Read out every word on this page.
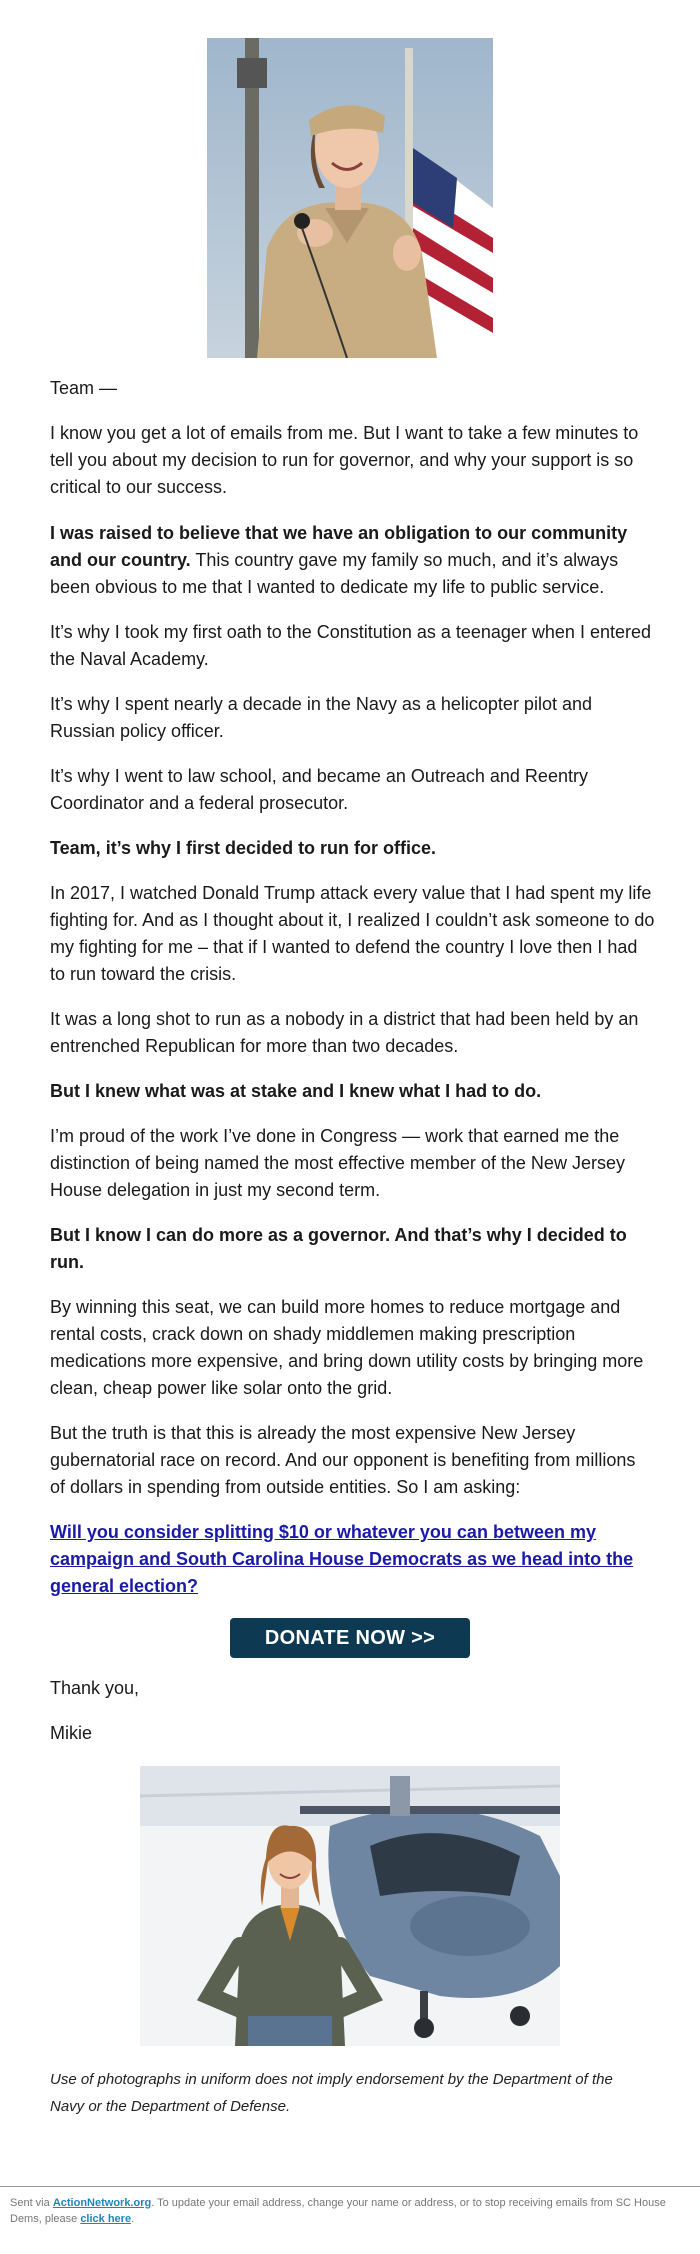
Team —

I know you get a lot of emails from me. But I want to take a few minutes to tell you about my decision to run for governor, and why your support is so critical to our success.

I was raised to believe that we have an obligation to our community and our country. This country gave my family so much, and it’s always been obvious to me that I wanted to dedicate my life to public service.

It’s why I took my first oath to the Constitution as a teenager when I entered the Naval Academy.

It’s why I spent nearly a decade in the Navy as a helicopter pilot and Russian policy officer.

It’s why I went to law school, and became an Outreach and Reentry Coordinator and a federal prosecutor.

Team, it’s why I first decided to run for office.

In 2017, I watched Donald Trump attack every value that I had spent my life fighting for. And as I thought about it, I realized I couldn’t ask someone to do my fighting for me – that if I wanted to defend the country I love then I had to run toward the crisis.

It was a long shot to run as a nobody in a district that had been held by an entrenched Republican for more than two decades.

But I knew what was at stake and I knew what I had to do.

I’m proud of the work I’ve done in Congress — work that earned me the distinction of being named the most effective member of the New Jersey House delegation in just my second term.

But I know I can do more as a governor. And that’s why I decided to run.

By winning this seat, we can build more homes to reduce mortgage and rental costs, crack down on shady middlemen making prescription medications more expensive, and bring down utility costs by bringing more clean, cheap power like solar onto the grid.

But the truth is that this is already the most expensive New Jersey gubernatorial race on record. And our opponent is benefiting from millions of dollars in spending from outside entities. So I am asking:

Will you consider splitting $10 or whatever you can between my campaign and South Carolina House Democrats as we head into the general election?

DONATE NOW >>

Thank you,

Mikie

Use of photographs in uniform does not imply endorsement by the Department of the Navy or the Department of Defense.

Sent via ActionNetwork.org. To update your email address, change your name or address, or to stop receiving emails from SC House Dems, please click here.
